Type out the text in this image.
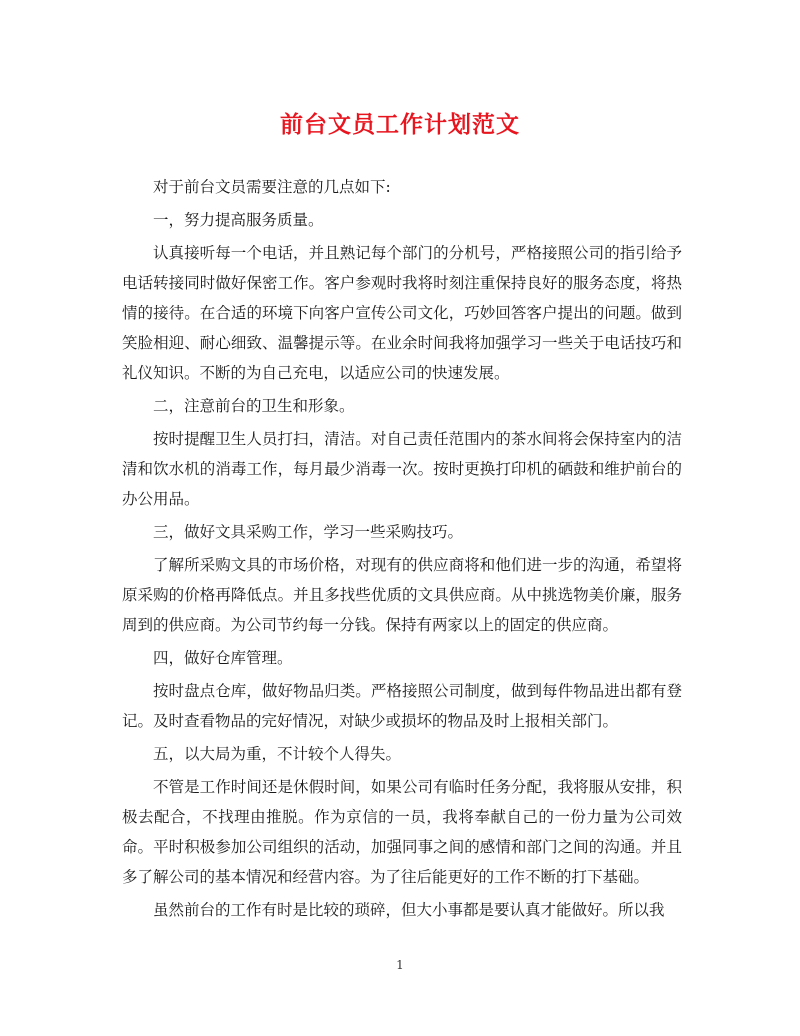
前台文员工作计划范文

对于前台文员需要注意的几点如下:

一，努力提高服务质量。

认真接听每一个电话，并且熟记每个部门的分机号，严格接照公司的指引给予电话转接同时做好保密工作。客户参观时我将时刻注重保持良好的服务态度，将热情的接待。在合适的环境下向客户宣传公司文化，巧妙回答客户提出的问题。做到笑脸相迎、耐心细致、温馨提示等。在业余时间我将加强学习一些关于电话技巧和礼仪知识。不断的为自己充电，以适应公司的快速发展。

二，注意前台的卫生和形象。

按时提醒卫生人员打扫，清洁。对自己责任范围内的茶水间将会保持室内的洁清和饮水机的消毒工作，每月最少消毒一次。按时更换打印机的硒鼓和维护前台的办公用品。

三，做好文具采购工作，学习一些采购技巧。

了解所采购文具的市场价格，对现有的供应商将和他们进一步的沟通，希望将原采购的价格再降低点。并且多找些优质的文具供应商。从中挑选物美价廉，服务周到的供应商。为公司节约每一分钱。保持有两家以上的固定的供应商。

四，做好仓库管理。

按时盘点仓库，做好物品归类。严格接照公司制度，做到每件物品进出都有登记。及时查看物品的完好情况，对缺少或损坏的物品及时上报相关部门。

五，以大局为重，不计较个人得失。

不管是工作时间还是休假时间，如果公司有临时任务分配，我将服从安排，积极去配合，不找理由推脱。作为京信的一员，我将奉献自己的一份力量为公司效命。平时积极参加公司组织的活动，加强同事之间的感情和部门之间的沟通。并且多了解公司的基本情况和经营内容。为了往后能更好的工作不断的打下基础。

虽然前台的工作有时是比较的琐碎，但大小事都是要认真才能做好。所以我

1
